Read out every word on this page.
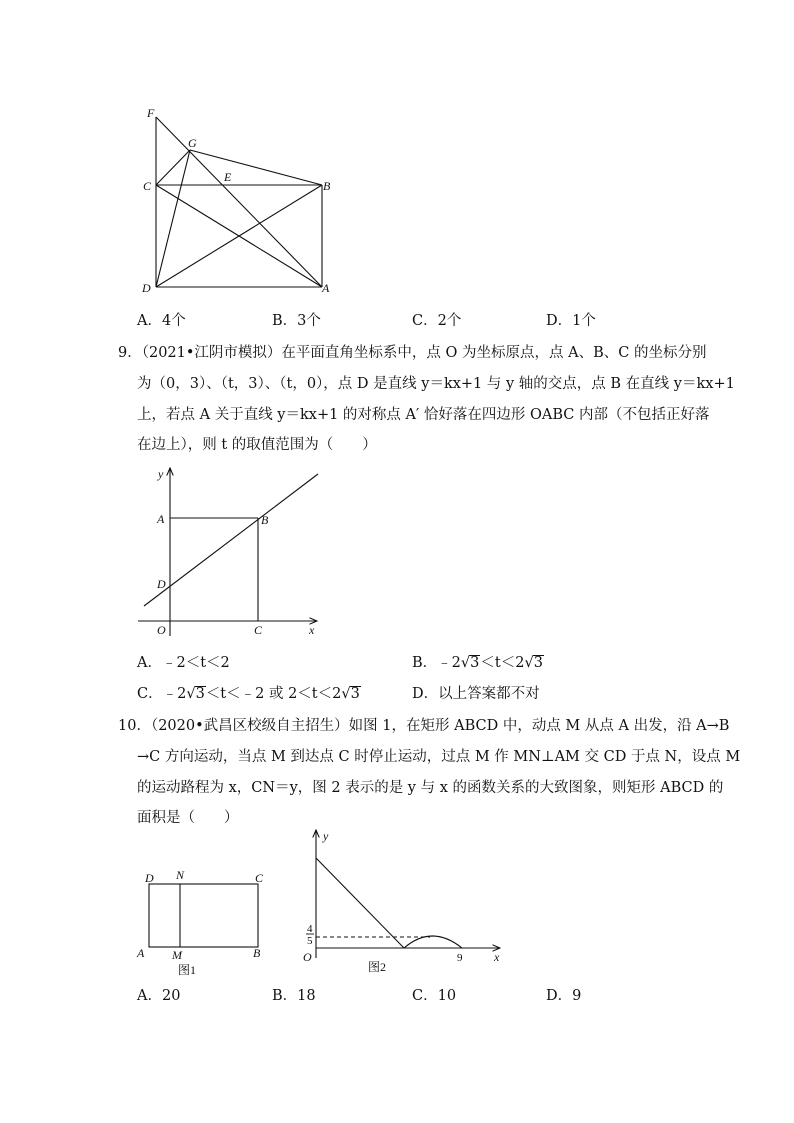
F
G
C
E
B
D	A
A．4个	B．3个	C．2个	D．1个
9．（2021•江阴市模拟）在平面直角坐标系中，点 O 为坐标原点，点 A、B、C 的坐标分别
为（0，3）、（t，3）、（t，0），点 D 是直线 y＝kx+1 与 y 轴的交点，点 B 在直线 y＝kx+1
上，若点 A 关于直线 y＝kx+1 的对称点 A′ 恰好落在四边形 OABC 内部（不包括正好落
在边上），则 t 的取值范围为（　　）
y
A	B
D
O	C	x
A．﹣2＜t＜2	B．﹣2√3＜t＜2√3
C．﹣2√3＜t＜﹣2 或 2＜t＜2√3	D．以上答案都不对
10．（2020•武昌区校级自主招生）如图 1，在矩形 ABCD 中，动点 M 从点 A 出发，沿 A→B
→C 方向运动，当点 M 到达点 C 时停止运动，过点 M 作 MN⊥AM 交 CD 于点 N，设点 M
的运动路程为 x，CN＝y，图 2 表示的是 y 与 x 的函数关系的大致图象，则矩形 ABCD 的
面积是（　　）
D N	C
A M	B
图1
y
4
5
O	9	x
图2
A．20	B．18	C．10	D．9
